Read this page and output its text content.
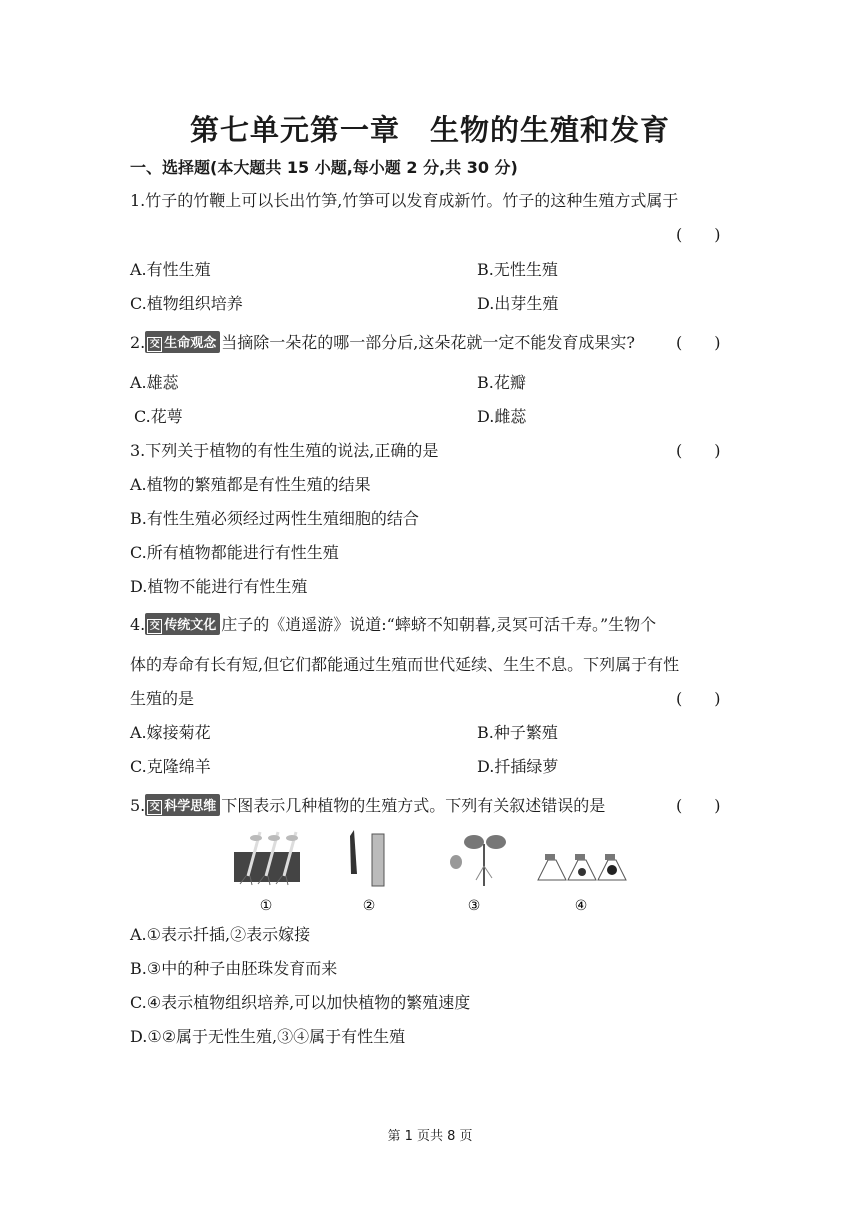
第七单元第一章　生物的生殖和发育
一、选择题(本大题共 15 小题,每小题 2 分,共 30 分)
1.竹子的竹鞭上可以长出竹笋,竹笋可以发育成新竹。竹子的这种生殖方式属于
(　　)
A.有性生殖	B.无性生殖
C.植物组织培养	D.出芽生殖
2. 交 生命观念 当摘除一朵花的哪一部分后,这朵花就一定不能发育成果实?	(　　)
A.雄蕊	B.花瓣
C.花萼	D.雌蕊
3.下列关于植物的有性生殖的说法,正确的是	(　　)
A.植物的繁殖都是有性生殖的结果
B.有性生殖必须经过两性生殖细胞的结合
C.所有植物都能进行有性生殖
D.植物不能进行有性生殖
4. 交 传统文化 庄子的《逍遥游》说道:“蟀蛴不知朝暮,灵冥可活千寿。”生物个
体的寿命有长有短,但它们都能通过生殖而世代延续、生生不息。下列属于有性
生殖的是	(　　)
A.嫁接菊花	B.种子繁殖
C.克隆绵羊	D.扦插绿萝
5. 交 科学思维 下图表示几种植物的生殖方式。下列有关叙述错误的是	(　　)
①	②	③	④
A.①表示扦插,②表示嫁接
B.③中的种子由胚珠发育而来
C.④表示植物组织培养,可以加快植物的繁殖速度
D.①②属于无性生殖,③④属于有性生殖
第 1 页共 8 页
